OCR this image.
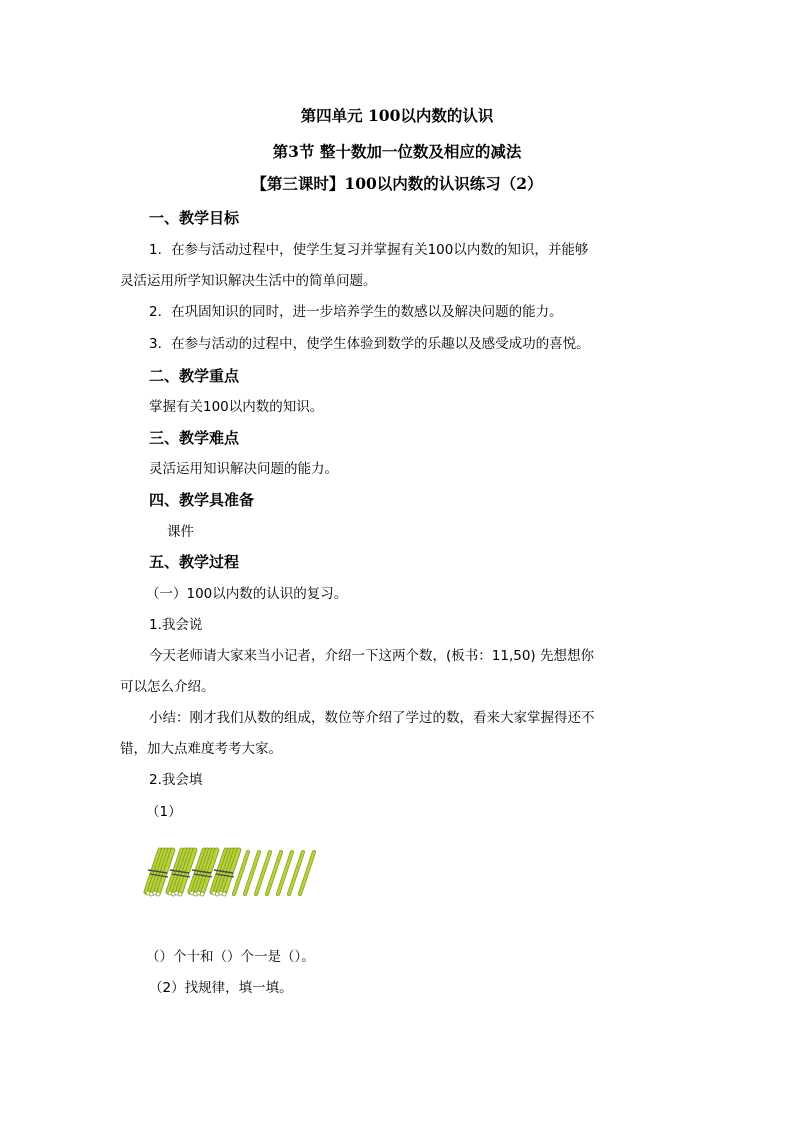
第四单元 100以内数的认识
第3节 整十数加一位数及相应的减法
【第三课时】100以内数的认识练习（2）
一、教学目标
1．在参与活动过程中，使学生复习并掌握有关100以内数的知识，并能够
灵活运用所学知识解决生活中的简单问题。
2．在巩固知识的同时，进一步培养学生的数感以及解决问题的能力。
3．在参与活动的过程中，使学生体验到数学的乐趣以及感受成功的喜悦。
二、教学重点
掌握有关100以内数的知识。
三、教学难点
灵活运用知识解决问题的能力。
四、教学具准备
课件
五、教学过程
（一）100以内数的认识的复习。
1.我会说
今天老师请大家来当小记者，介绍一下这两个数，(板书：11,50) 先想想你
可以怎么介绍。
小结：刚才我们从数的组成，数位等介绍了学过的数，看来大家掌握得还不
错，加大点难度考考大家。
2.我会填
（1）
（）个十和（）个一是（）。
（2）找规律，填一填。
